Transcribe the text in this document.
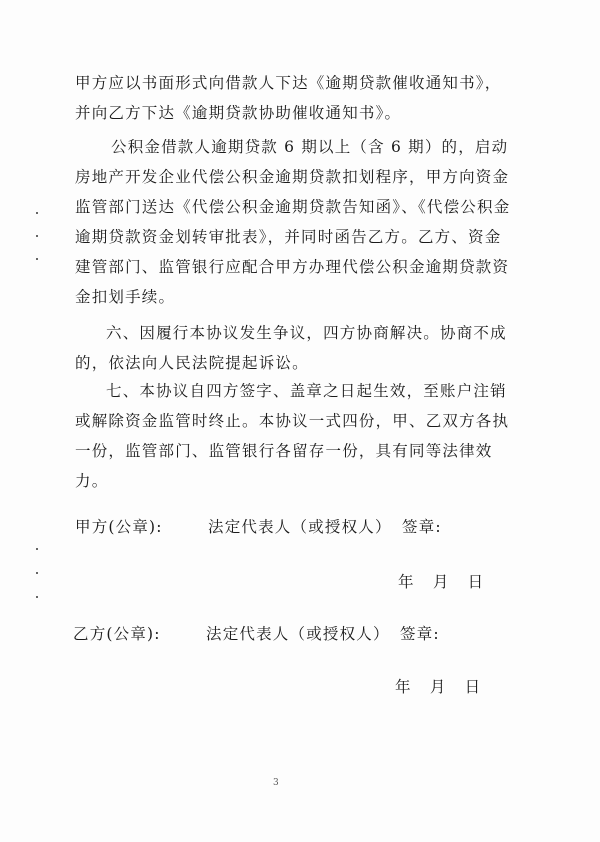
甲方应以书面形式向借款人下达《逾期贷款催收通知书》，

并向乙方下达《逾期贷款协助催收通知书》。

公积金借款人逾期贷款 6 期以上（含 6 期）的，启动房地产开发企业代偿公积金逾期贷款扣划程序，甲方向资金监管部门送达《代偿公积金逾期贷款告知函》、《代偿公积金逾期贷款资金划转审批表》，并同时函告乙方。乙方、资金建管部门、监管银行应配合甲方办理代偿公积金逾期贷款资金扣划手续。

六、因履行本协议发生争议，四方协商解决。协商不成的，依法向人民法院提起诉讼。

七、本协议自四方签字、盖章之日起生效，至账户注销或解除资金监管时终止。本协议一式四份，甲、乙双方各执一份，监管部门、监管银行各留存一份，具有同等法律效力。

甲方(公章):	法定代表人（或授权人） 签章:

年 月 日

乙方(公章):	法定代表人（或授权人） 签章:

年 月 日

3
